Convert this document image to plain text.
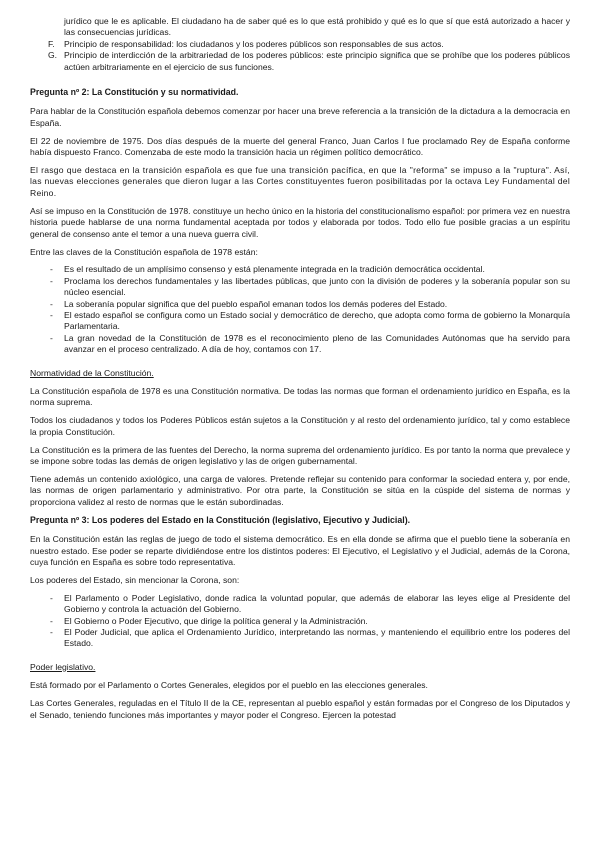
jurídico que le es aplicable. El ciudadano ha de saber qué es lo que está prohibido y qué es lo que sí que está autorizado a hacer y las consecuencias jurídicas.

F.	Principio de responsabilidad: los ciudadanos y los poderes públicos son responsables de sus actos.
G. Principio de interdicción de la arbitrariedad de los poderes públicos: este principio significa que se prohíbe que los poderes públicos actúen arbitrariamente en el ejercicio de sus funciones.
Pregunta nº 2: La Constitución y su normatividad.

Para hablar de la Constitución española debemos comenzar por hacer una breve referencia a la transición de la dictadura a la democracia en España.

El 22 de noviembre de 1975. Dos días después de la muerte del general Franco, Juan Carlos I fue proclamado Rey de España conforme había dispuesto Franco. Comenzaba de este modo la transición hacia un régimen político democrático.

El rasgo que destaca en la transición española es que fue una transición pacífica, en que la "reforma" se impuso a la "ruptura". Así, las nuevas elecciones generales que dieron lugar a las Cortes constituyentes fueron posibilitadas por la octava Ley Fundamental del Reino.

Así se impuso en la Constitución de 1978. constituye un hecho único en la historia del constitucionalismo español: por primera vez en nuestra historia puede hablarse de una norma fundamental aceptada por todos y elaborada por todos. Todo ello fue posible gracias a un espíritu general de consenso ante el temor a una nueva guerra civil.

Entre las claves de la Constitución española de 1978 están:

-	Es el resultado de un amplísimo consenso y está plenamente integrada en la tradición democrática occidental.
-	Proclama los derechos fundamentales y las libertades públicas, que junto con la división de poderes y la soberanía popular son su núcleo esencial.
-	La soberanía popular significa que del pueblo español emanan todos los demás poderes del Estado.
-	El estado español se configura como un Estado social y democrático de derecho, que adopta como forma de gobierno la Monarquía Parlamentaria.
-	La gran novedad de la Constitución de 1978 es el reconocimiento pleno de las Comunidades Autónomas que ha servido para avanzar en el proceso centralizado. A día de hoy, contamos con 17.

Normatividad de la Constitución.

La Constitución española de 1978 es una Constitución normativa. De todas las normas que forman el ordenamiento jurídico en España, es la norma suprema.

Todos los ciudadanos y todos los Poderes Públicos están sujetos a la Constitución y al resto del ordenamiento jurídico, tal y como establece la propia Constitución.

La Constitución es la primera de las fuentes del Derecho, la norma suprema del ordenamiento jurídico. Es por tanto la norma que prevalece y se impone sobre todas las demás de origen legislativo y las de origen gubernamental.

Tiene además un contenido axiológico, una carga de valores. Pretende reflejar su contenido para conformar la sociedad entera y, por ende, las normas de origen parlamentario y administrativo. Por otra parte, la Constitución se sitúa en la cúspide del sistema de normas y proporciona validez al resto de normas que le están subordinadas.

Pregunta nº 3: Los poderes del Estado en la Constitución (legislativo, Ejecutivo y Judicial).

En la Constitución están las reglas de juego de todo el sistema democrático. Es en ella donde se afirma que el pueblo tiene la soberanía en nuestro estado. Ese poder se reparte dividiéndose entre los distintos poderes: El Ejecutivo, el Legislativo y el Judicial, además de la Corona, cuya función en España es sobre todo representativa.

Los poderes del Estado, sin mencionar la Corona, son:

-	El Parlamento o Poder Legislativo, donde radica la voluntad popular, que además de elaborar las leyes elige al Presidente del Gobierno y controla la actuación del Gobierno.
-	El Gobierno o Poder Ejecutivo, que dirige la política general y la Administración.
-	El Poder Judicial, que aplica el Ordenamiento Jurídico, interpretando las normas, y manteniendo el equilibrio entre los poderes del Estado.

Poder legislativo.

Está formado por el Parlamento o Cortes Generales, elegidos por el pueblo en las elecciones generales.

Las Cortes Generales, reguladas en el Título II de la CE, representan al pueblo español y están formadas por el Congreso de los Diputados y el Senado, teniendo funciones más importantes y mayor poder el Congreso. Ejercen la potestad
